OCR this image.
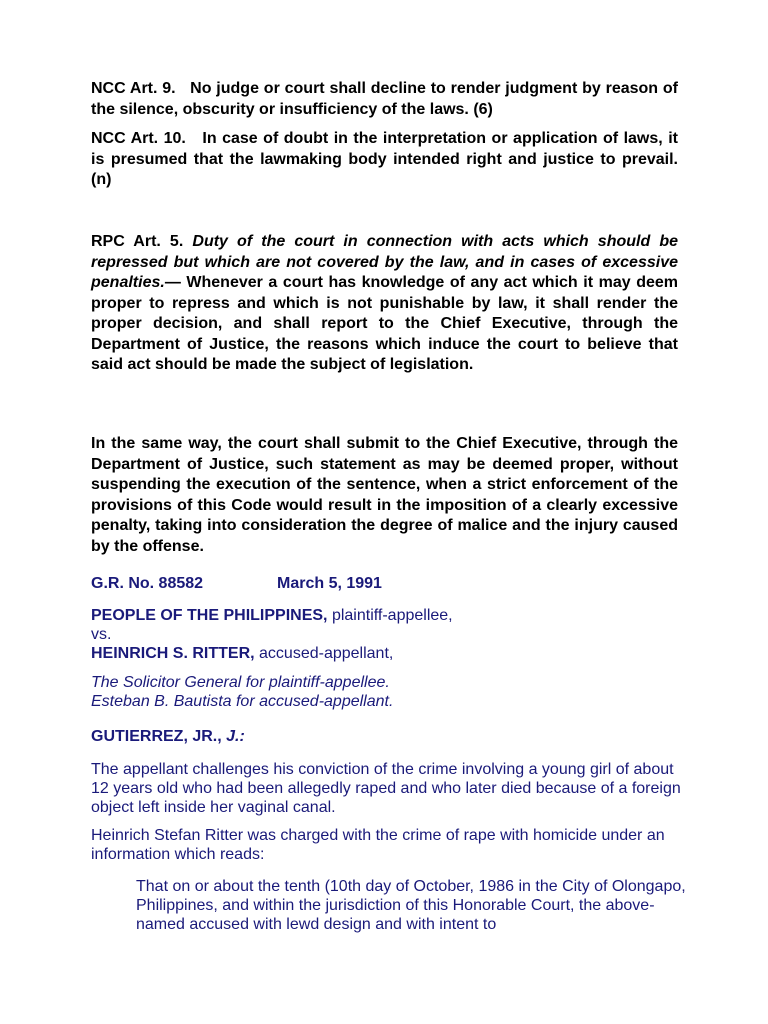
NCC Art. 9. No judge or court shall decline to render judgment by reason of the silence, obscurity or insufficiency of the laws. (6)

NCC Art. 10. In case of doubt in the interpretation or application of laws, it is presumed that the lawmaking body intended right and justice to prevail. (n)

RPC Art. 5. Duty of the court in connection with acts which should be repressed but which are not covered by the law, and in cases of excessive penalties.— Whenever a court has knowledge of any act which it may deem proper to repress and which is not punishable by law, it shall render the proper decision, and shall report to the Chief Executive, through the Department of Justice, the reasons which induce the court to believe that said act should be made the subject of legislation.

In the same way, the court shall submit to the Chief Executive, through the Department of Justice, such statement as may be deemed proper, without suspending the execution of the sentence, when a strict enforcement of the provisions of this Code would result in the imposition of a clearly excessive penalty, taking into consideration the degree of malice and the injury caused by the offense.

G.R. No. 88582	March 5, 1991
PEOPLE OF THE PHILIPPINES, plaintiff-appellee,
vs.
HEINRICH S. RITTER, accused-appellant,
The Solicitor General for plaintiff-appellee.
Esteban B. Bautista for accused-appellant.
GUTIERREZ, JR., J.:

The appellant challenges his conviction of the crime involving a young girl of about 12 years old who had been allegedly raped and who later died because of a foreign object left inside her vaginal canal.

Heinrich Stefan Ritter was charged with the crime of rape with homicide under an information which reads:

That on or about the tenth (10th day of October, 1986 in the City of Olongapo, Philippines, and within the jurisdiction of this Honorable Court, the above-named accused with lewd design and with intent to
